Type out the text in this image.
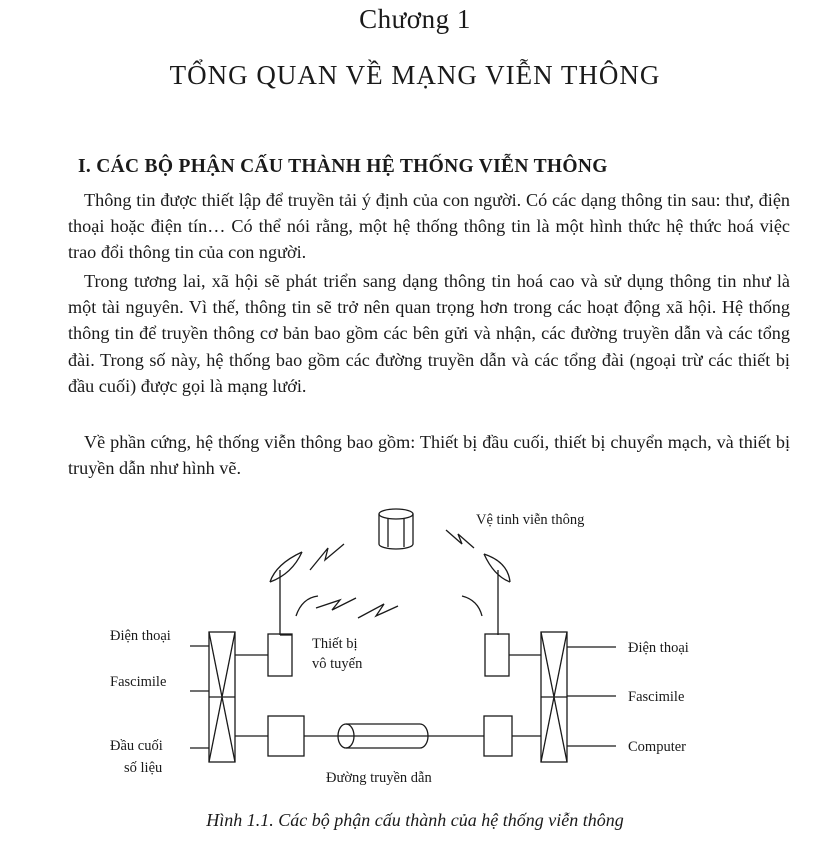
Chương 1
TỔNG QUAN VỀ MẠNG VIỄN THÔNG
I. CÁC BỘ PHẬN CẤU THÀNH HỆ THỐNG VIỄN THÔNG

Thông tin được thiết lập để truyền tải ý định của con người. Có các dạng thông tin sau: thư, điện thoại hoặc điện tín… Có thể nói rằng, một hệ thống thông tin là một hình thức hệ thức hoá việc trao đổi thông tin của con người.

Trong tương lai, xã hội sẽ phát triển sang dạng thông tin hoá cao và sử dụng thông tin như là một tài nguyên. Vì thế, thông tin sẽ trở nên quan trọng hơn trong các hoạt động xã hội. Hệ thống thông tin để truyền thông cơ bản bao gồm các bên gửi và nhận, các đường truyền dẫn và các tổng đài. Trong số này, hệ thống bao gồm các đường truyền dẫn và các tổng đài (ngoại trừ các thiết bị đầu cuối) được gọi là mạng lưới.

Về phần cứng, hệ thống viễn thông bao gồm: Thiết bị đầu cuối, thiết bị chuyển mạch, và thiết bị truyền dẫn như hình vẽ.

Vệ tinh viễn thông
Thiết bị
vô tuyến
Điện thoại
Fascimile
Đầu cuối
số liệu
Điện thoại
Fascimile
Computer
Đường truyền dẫn
Hình 1.1. Các bộ phận cấu thành của hệ thống viễn thông
